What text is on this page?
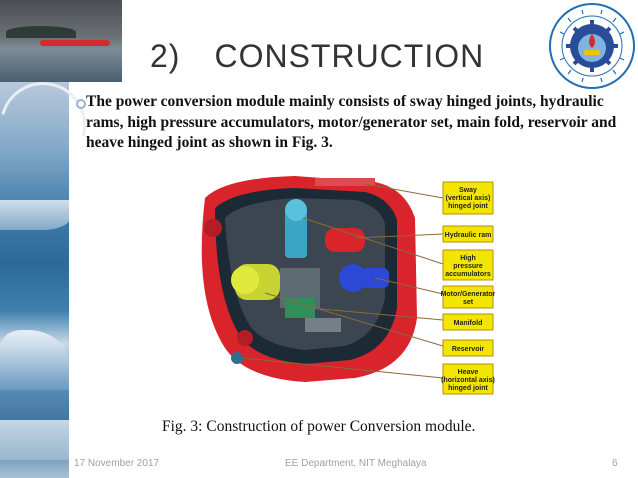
2) CONSTRUCTION
The power conversion module mainly consists of sway hinged joints, hydraulic rams, high pressure accumulators, motor/generator set, main fold, reservoir and heave hinged joint as shown in Fig. 3.
Sway
(vertical axis)
hinged joint
Hydraulic ram
High
pressure
accumulators
Motor/Generator
set
Manifold
Reservoir
Heave
(horizontal axis)
hinged joint
Fig. 3: Construction of power Conversion module.
17 November 2017	EE Department, NIT Meghalaya	6
